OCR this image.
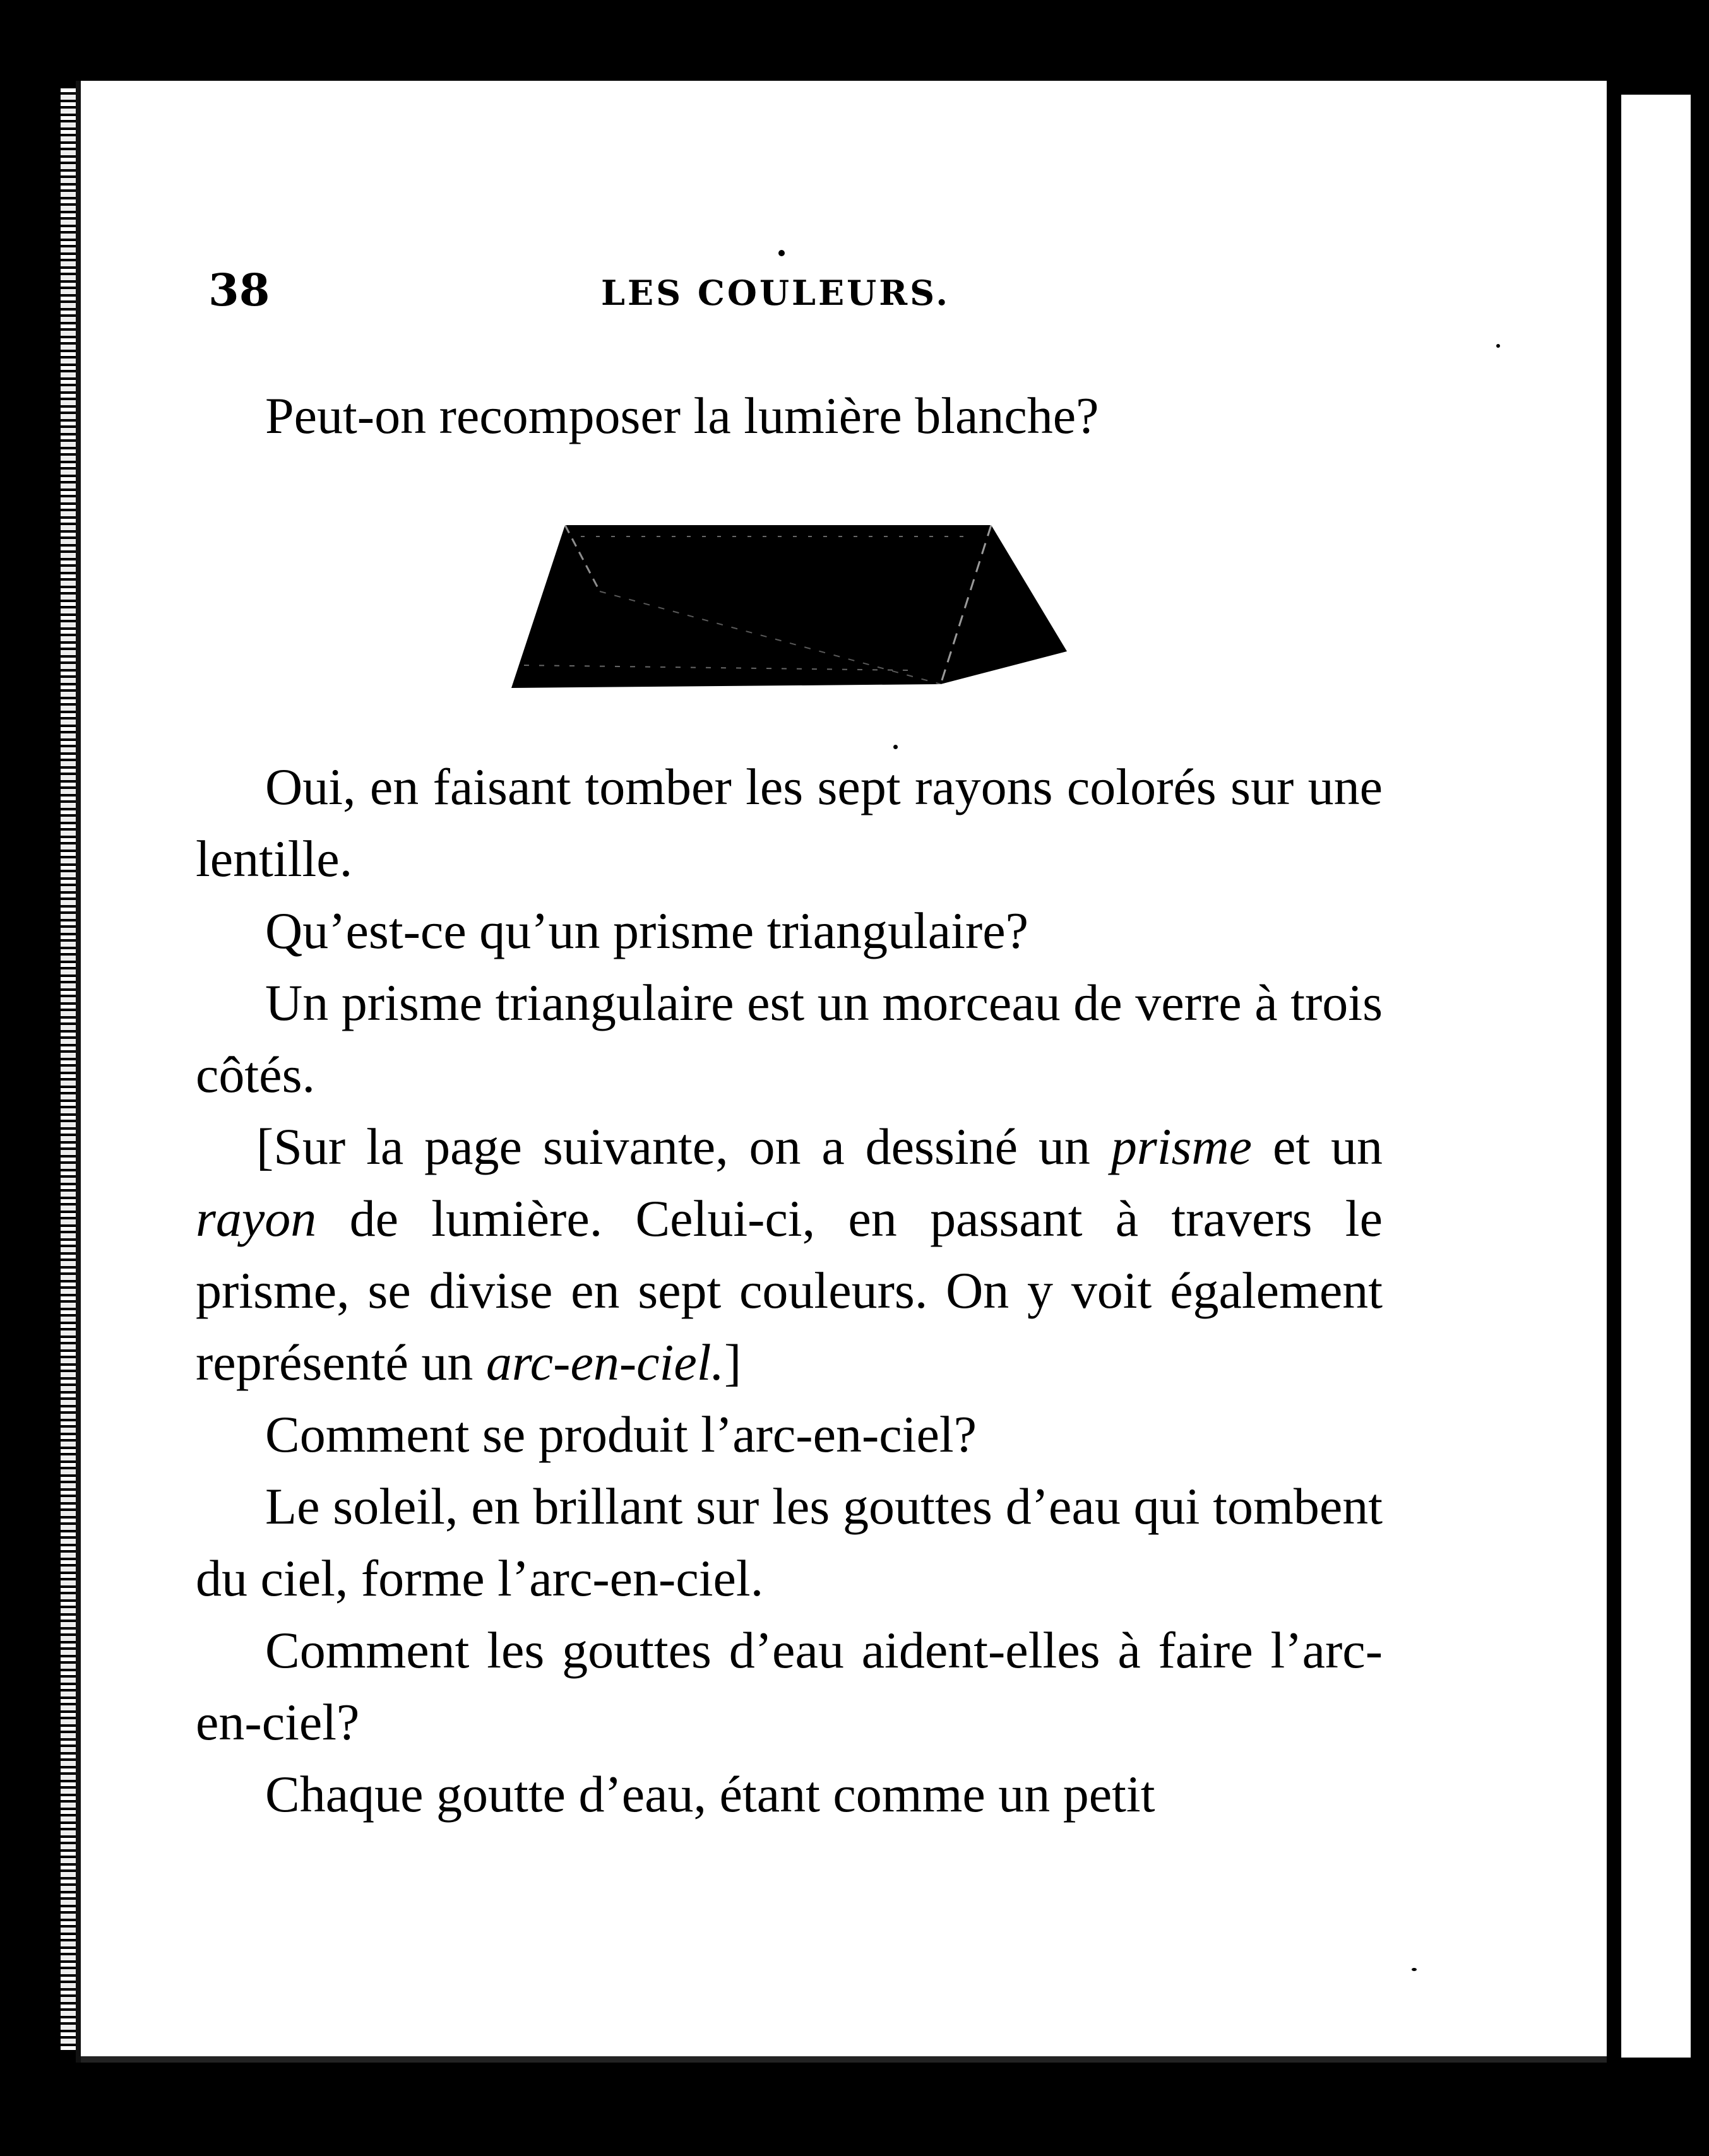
38	LES COULEURS.
Peut-on recomposer la lumière blanche?

Oui, en faisant tomber les sept rayons colorés sur une lentille.

Qu’est-ce qu’un prisme triangulaire?

Un prisme triangulaire est un morceau de verre à trois côtés.

[Sur la page suivante, on a dessiné un prisme et un rayon de lumière. Celui-ci, en passant à travers le prisme, se divise en sept couleurs. On y voit également représenté un arc-en-ciel.]

Comment se produit l’arc-en-ciel?

Le soleil, en brillant sur les gouttes d’eau qui tombent du ciel, forme l’arc-en-ciel.

Comment les gouttes d’eau aident-elles à faire l’arc-en-ciel?

Chaque goutte d’eau, étant comme un petit
